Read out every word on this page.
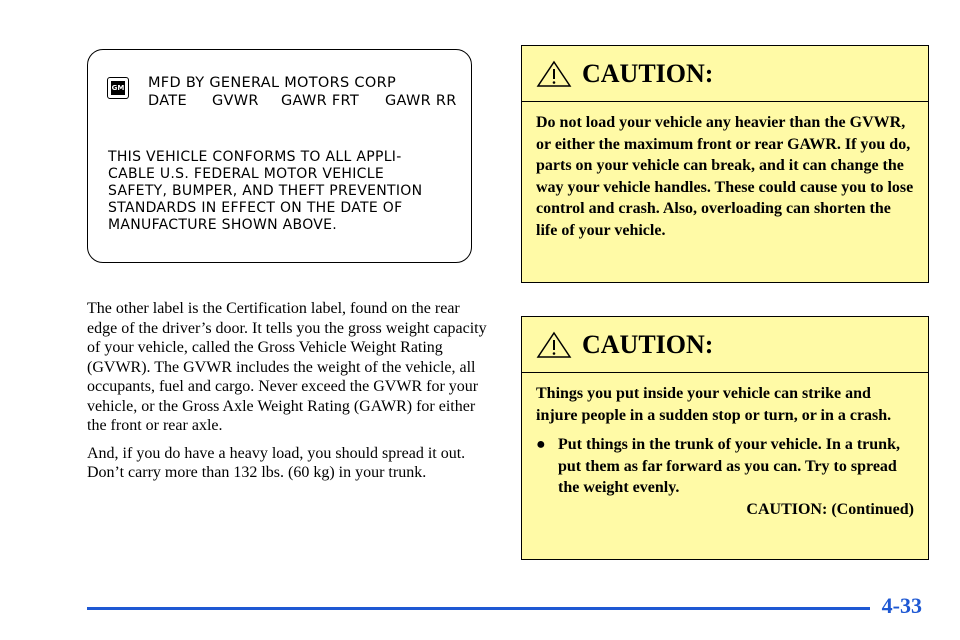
GM MFD BY GENERAL MOTORS CORP
DATE GVWR GAWR FRT GAWR RR
THIS VEHICLE CONFORMS TO ALL APPLI-
CABLE U.S. FEDERAL MOTOR VEHICLE
SAFETY, BUMPER, AND THEFT PREVENTION
STANDARDS IN EFFECT ON THE DATE OF
MANUFACTURE SHOWN ABOVE.

The other label is the Certification label, found on the rear edge of the driver’s door. It tells you the gross weight capacity of your vehicle, called the Gross Vehicle Weight Rating (GVWR). The GVWR includes the weight of the vehicle, all occupants, fuel and cargo. Never exceed the GVWR for your vehicle, or the Gross Axle Weight Rating (GAWR) for either the front or rear axle.

And, if you do have a heavy load, you should spread it out. Don’t carry more than 132 lbs. (60 kg) in your trunk.

CAUTION:

Do not load your vehicle any heavier than the GVWR, or either the maximum front or rear GAWR. If you do, parts on your vehicle can break, and it can change the way your vehicle handles. These could cause you to lose control and crash. Also, overloading can shorten the life of your vehicle.

CAUTION:

Things you put inside your vehicle can strike and injure people in a sudden stop or turn, or in a crash.

● Put things in the trunk of your vehicle. In a trunk, put them as far forward as you can. Try to spread the weight evenly.
CAUTION: (Continued)
4-33
